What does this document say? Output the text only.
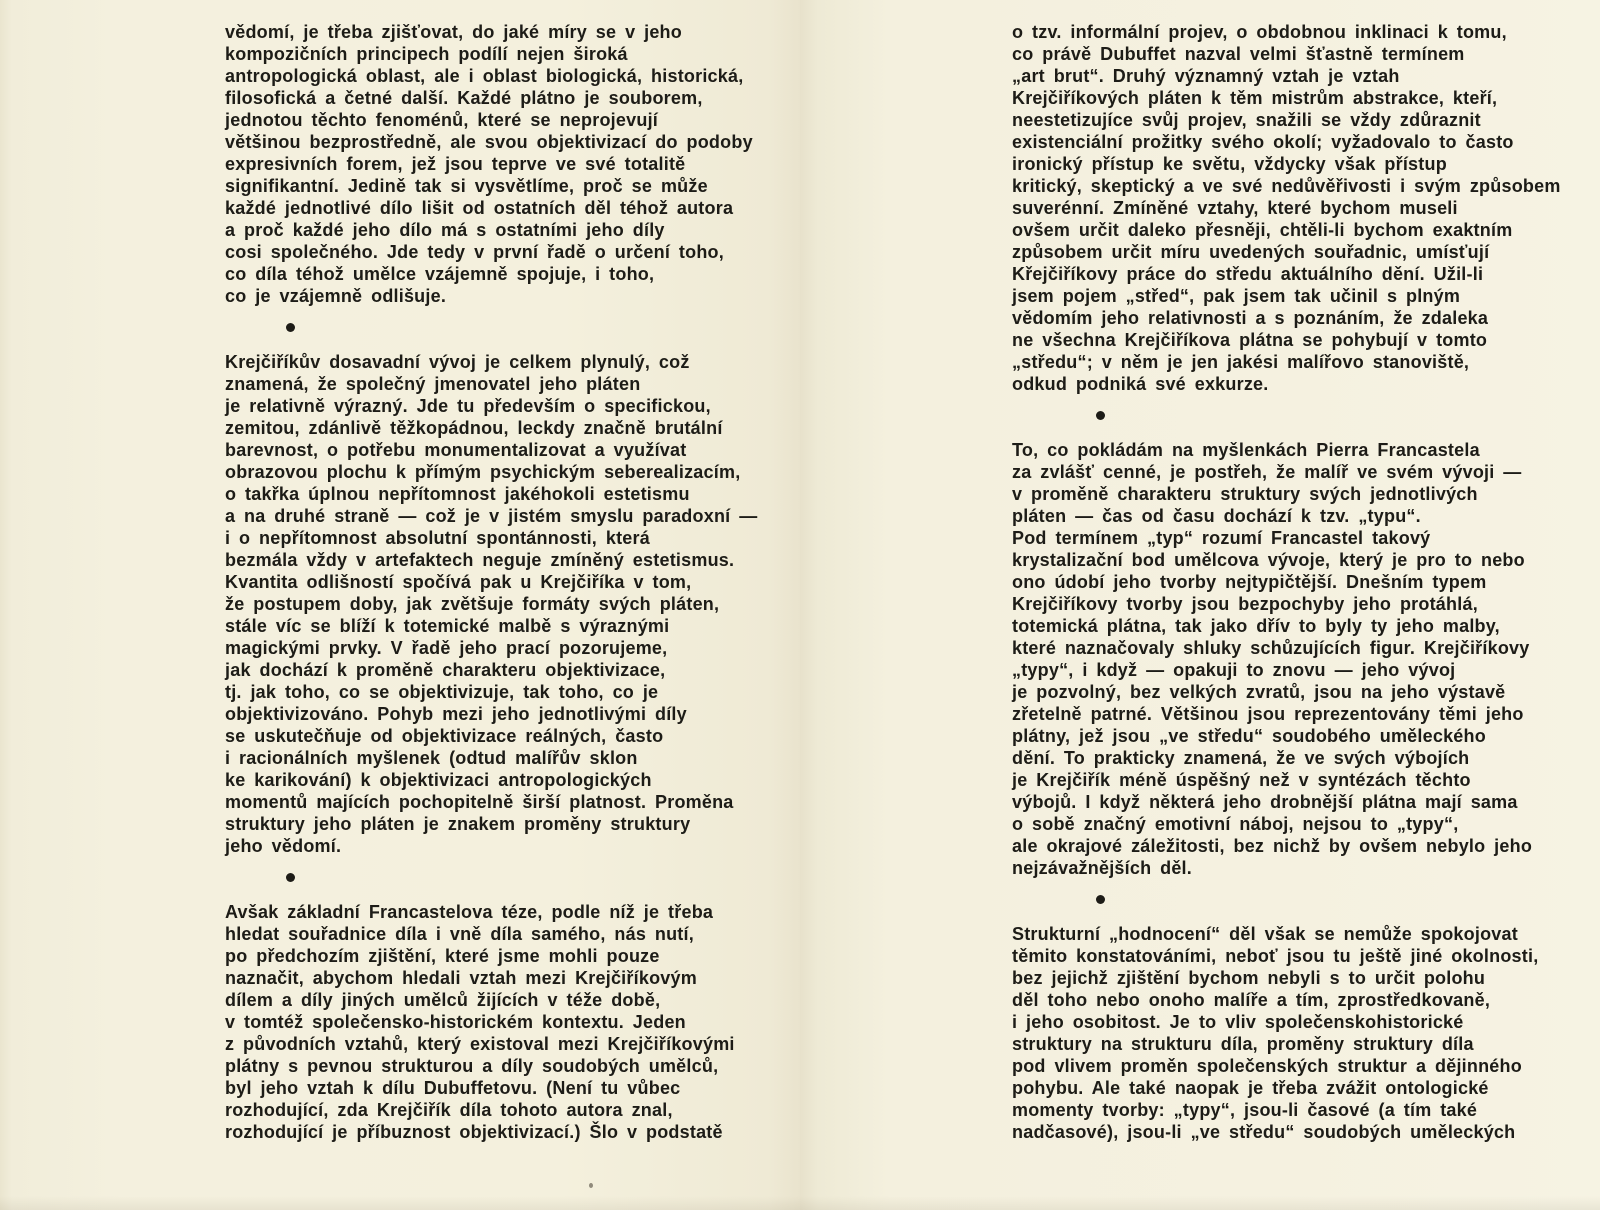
vědomí, je třeba zjišťovat, do jaké míry se v jeho
kompozičních principech podílí nejen široká
antropologická oblast, ale i oblast biologická, historická,
filosofická a četné další. Každé plátno je souborem,
jednotou těchto fenoménů, které se neprojevují
většinou bezprostředně, ale svou objektivizací do podoby
expresivních forem, jež jsou teprve ve své totalitě
signifikantní. Jedině tak si vysvětlíme, proč se může
každé jednotlivé dílo lišit od ostatních děl téhož autora
a proč každé jeho dílo má s ostatními jeho díly
cosi společného. Jde tedy v první řadě o určení toho,
co díla téhož umělce vzájemně spojuje, i toho,
co je vzájemně odlišuje.
Krejčiříkův dosavadní vývoj je celkem plynulý, což
znamená, že společný jmenovatel jeho pláten
je relativně výrazný. Jde tu především o specifickou,
zemitou, zdánlivě těžkopádnou, leckdy značně brutální
barevnost, o potřebu monumentalizovat a využívat
obrazovou plochu k přímým psychickým seberealizacím,
o takřka úplnou nepřítomnost jakéhokoli estetismu
a na druhé straně — což je v jistém smyslu paradoxní —
i o nepřítomnost absolutní spontánnosti, která
bezmála vždy v artefaktech neguje zmíněný estetismus.
Kvantita odlišností spočívá pak u Krejčiříka v tom,
že postupem doby, jak zvětšuje formáty svých pláten,
stále víc se blíží k totemické malbě s výraznými
magickými prvky. V řadě jeho prací pozorujeme,
jak dochází k proměně charakteru objektivizace,
tj. jak toho, co se objektivizuje, tak toho, co je
objektivizováno. Pohyb mezi jeho jednotlivými díly
se uskutečňuje od objektivizace reálných, často
i racionálních myšlenek (odtud malířův sklon
ke karikování) k objektivizaci antropologických
momentů majících pochopitelně širší platnost. Proměna
struktury jeho pláten je znakem proměny struktury
jeho vědomí.
Avšak základní Francastelova téze, podle níž je třeba
hledat souřadnice díla i vně díla samého, nás nutí,
po předchozím zjištění, které jsme mohli pouze
naznačit, abychom hledali vztah mezi Krejčiříkovým
dílem a díly jiných umělců žijících v téže době,
v tomtéž společensko-historickém kontextu. Jeden
z původních vztahů, který existoval mezi Krejčiříkovými
plátny s pevnou strukturou a díly soudobých umělců,
byl jeho vztah k dílu Dubuffetovu. (Není tu vůbec
rozhodující, zda Krejčiřík díla tohoto autora znal,
rozhodující je příbuznost objektivizací.) Šlo v podstatě
o tzv. informální projev, o obdobnou inklinaci k tomu,
co právě Dubuffet nazval velmi šťastně termínem
„art brut“. Druhý významný vztah je vztah
Krejčiříkových pláten k těm mistrům abstrakce, kteří,
neestetizujíce svůj projev, snažili se vždy zdůraznit
existenciální prožitky svého okolí; vyžadovalo to často
ironický přístup ke světu, vždycky však přístup
kritický, skeptický a ve své nedůvěřivosti i svým způsobem
suverénní. Zmíněné vztahy, které bychom museli
ovšem určit daleko přesněji, chtěli-li bychom exaktním
způsobem určit míru uvedených souřadnic, umísťují
Křejčiříkovy práce do středu aktuálního dění. Užil-li
jsem pojem „střed“, pak jsem tak učinil s plným
vědomím jeho relativnosti a s poznáním, že zdaleka
ne všechna Krejčiříkova plátna se pohybují v tomto
„středu“; v něm je jen jakési malířovo stanoviště,
odkud podniká své exkurze.
To, co pokládám na myšlenkách Pierra Francastela
za zvlášť cenné, je postřeh, že malíř ve svém vývoji —
v proměně charakteru struktury svých jednotlivých
pláten — čas od času dochází k tzv. „typu“.
Pod termínem „typ“ rozumí Francastel takový
krystalizační bod umělcova vývoje, který je pro to nebo
ono údobí jeho tvorby nejtypičtější. Dnešním typem
Krejčiříkovy tvorby jsou bezpochyby jeho protáhlá,
totemická plátna, tak jako dřív to byly ty jeho malby,
které naznačovaly shluky schůzujících figur. Krejčiříkovy
„typy“, i když — opakuji to znovu — jeho vývoj
je pozvolný, bez velkých zvratů, jsou na jeho výstavě
zřetelně patrné. Většinou jsou reprezentovány těmi jeho
plátny, jež jsou „ve středu“ soudobého uměleckého
dění. To prakticky znamená, že ve svých výbojích
je Krejčiřík méně úspěšný než v syntézách těchto
výbojů. I když některá jeho drobnější plátna mají sama
o sobě značný emotivní náboj, nejsou to „typy“,
ale okrajové záležitosti, bez nichž by ovšem nebylo jeho
nejzávažnějších děl.
Strukturní „hodnocení“ děl však se nemůže spokojovat
těmito konstatováními, neboť jsou tu ještě jiné okolnosti,
bez jejichž zjištění bychom nebyli s to určit polohu
děl toho nebo onoho malíře a tím, zprostředkovaně,
i jeho osobitost. Je to vliv společenskohistorické
struktury na strukturu díla, proměny struktury díla
pod vlivem proměn společenských struktur a dějinného
pohybu. Ale také naopak je třeba zvážit ontologické
momenty tvorby: „typy“, jsou-li časové (a tím také
nadčasové), jsou-li „ve středu“ soudobých uměleckých
